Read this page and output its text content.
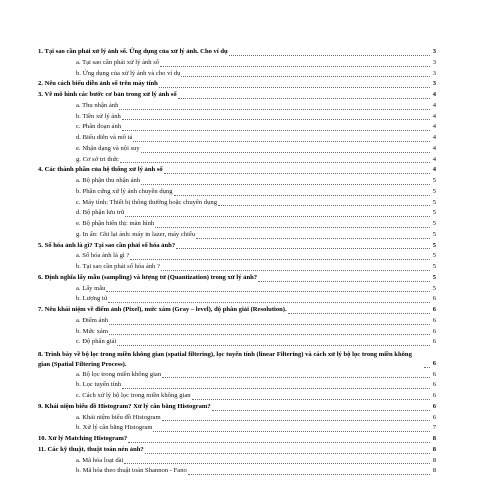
1. Tại sao cần phải xử lý ảnh số. Ứng dụng của xử lý ảnh. Cho ví dụ	3
a. Tại sao cần phải xử lý ảnh số	3
b. Ứng dụng của xử lý ảnh và cho ví dụ	3
2. Nêu cách biểu diễn ảnh số trên máy tính	3
3. Vẽ mô hình các bước cơ bản trong xử lý ảnh số	4
a. Thu nhận ảnh	4
b. Tiền xử lý ảnh	4
c. Phân đoạn ảnh	4
d. Biểu diễn và mô tả	4
e. Nhận dạng và nội suy	4
g. Cơ sở tri thức	4
4. Các thành phần của hệ thống xử lý ảnh số	4
a. Bộ phận thu nhận ảnh	5
b. Phần cứng xử lý ảnh chuyên dụng	5
c. Máy tính: Thiết bị thông thường hoặc chuyên dụng	5
d. Bộ phận lưu trữ	5
e. Bộ phận hiển thị: màn hình	5
g. In ấn: Ghi lại ảnh: máy in lazer, máy chiếu	5
5. Số hóa ảnh là gì? Tại sao cần phải số hóa ảnh?	5
a. Số hóa ảnh là gì ?	5
b. Tại sao cần phải số hóa ảnh ?	5
6. Định nghĩa lấy mẫu (sampling) và lượng tử (Quantization) trong xử lý ảnh?	5
a. Lấy mẫu	5
b. Lượng tử	6
7. Nêu khái niệm về điểm ảnh (Pixel), mức xám (Gray – level), độ phân giải (Resolution).	6
a. Điểm ảnh	6
b. Mức xám	6
c. Độ phân giải	6
8. Trình bày về bộ lọc trong miền không gian (spatial filtering), lọc tuyến tính (linear Filtering) và cách xử lý bộ lọc trong miền không gian (Spatial Filtering Process).	6
a. Bộ lọc trong miền không gian	6
b. Lọc tuyến tính	6
c. Cách xử lý bộ lọc trong miền không gian	6
9. Khái niệm biểu đồ Histogram? Xử lý cân bằng Histogram?	6
a. Khái niệm biểu đồ Histogram	6
b. Xử lý cân bằng Histogram	7
10. Xử lý Matching Histogram?	8
11. Các kỹ thuật, thuật toán nén ảnh?	8
a. Mã hóa loạt dài	8
b. Mã hóa theo thuật toán Shannon - Fano	8
